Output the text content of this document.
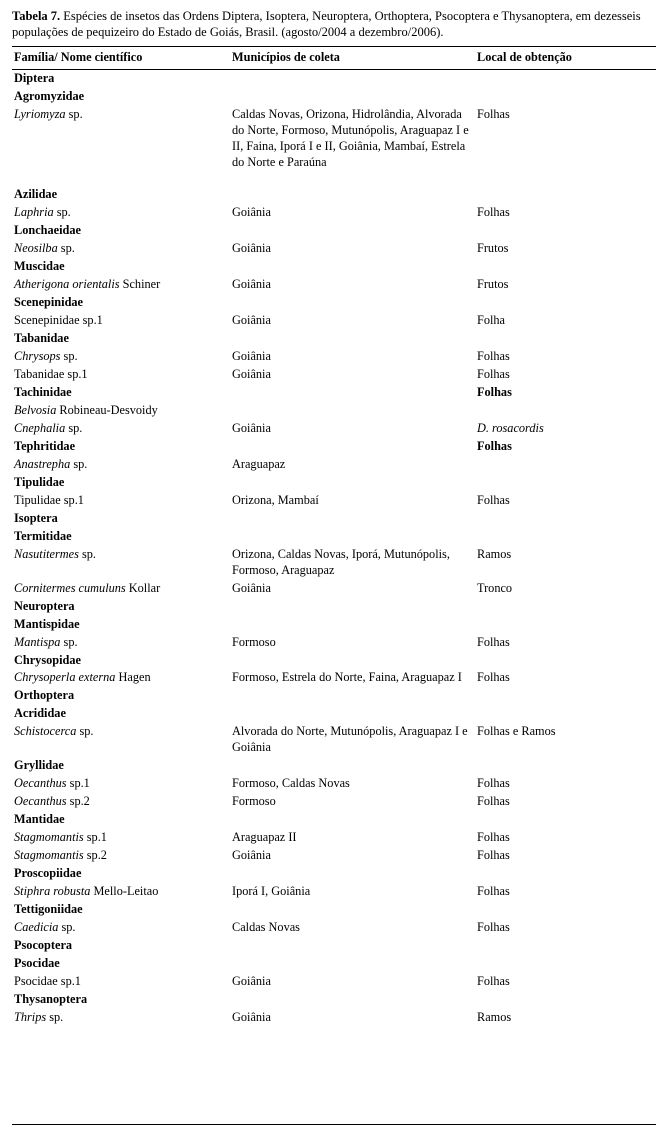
Tabela 7. Espécies de insetos das Ordens Diptera, Isoptera, Neuroptera, Orthoptera, Psocoptera e Thysanoptera, em dezesseis populações de pequizeiro do Estado de Goiás, Brasil. (agosto/2004 a dezembro/2006).
Família/ Nome científico	Municípios de coleta	Local de obtenção
Diptera		
Agromyzidae		
Lyriomyza sp.	Caldas Novas, Orizona, Hidrolândia, Alvorada do Norte, Formoso, Mutunópolis, Araguapaz I e II, Faina, Iporá I e II, Goiânia, Mambaí, Estrela do Norte e Paraúna	Folhas

Azilidae		
Laphria sp.	Goiânia	Folhas
Lonchaeidae		
Neosilba sp.	Goiânia	Frutos
Muscidae		
Atherigona orientalis Schiner	Goiânia	Frutos
Scenepinidae		
Scenepinidae sp.1	Goiânia	Folha
Tabanidae		
Chrysops sp.	Goiânia	Folhas
Tabanidae sp.1	Goiânia	Folhas
Tachinidae		Folhas
Belvosia Robineau-Desvoidy		
Cnephalia sp.	Goiânia	D. rosacordis
Tephritidae		Folhas
Anastrepha sp.	Araguapaz	
Tipulidae		
Tipulidae sp.1	Orizona, Mambaí	Folhas
Isoptera		
Termitidae		
Nasutitermes sp.	Orizona, Caldas Novas, Iporá, Mutunópolis, Formoso, Araguapaz	Ramos
Cornitermes cumuluns Kollar	Goiânia	Tronco
Neuroptera		
Mantispidae		
Mantispa sp.	Formoso	Folhas
Chrysopidae		
Chrysoperla externa Hagen	Formoso, Estrela do Norte, Faina, Araguapaz I	Folhas
Orthoptera		
Acrididae		
Schistocerca sp.	Alvorada do Norte, Mutunópolis, Araguapaz I e Goiânia	Folhas e Ramos
Gryllidae		
Oecanthus sp.1	Formoso, Caldas Novas	Folhas
Oecanthus sp.2	Formoso	Folhas
Mantidae		
Stagmomantis sp.1	Araguapaz II	Folhas
Stagmomantis sp.2	Goiânia	Folhas
Proscopiidae		
Stiphra robusta Mello-Leitao	Iporá I, Goiânia	Folhas
Tettigoniidae		
Caedicia sp.	Caldas Novas	Folhas
Psocoptera		
Psocidae		
Psocidae sp.1	Goiânia	Folhas
Thysanoptera		
Thrips sp.	Goiânia	Ramos
